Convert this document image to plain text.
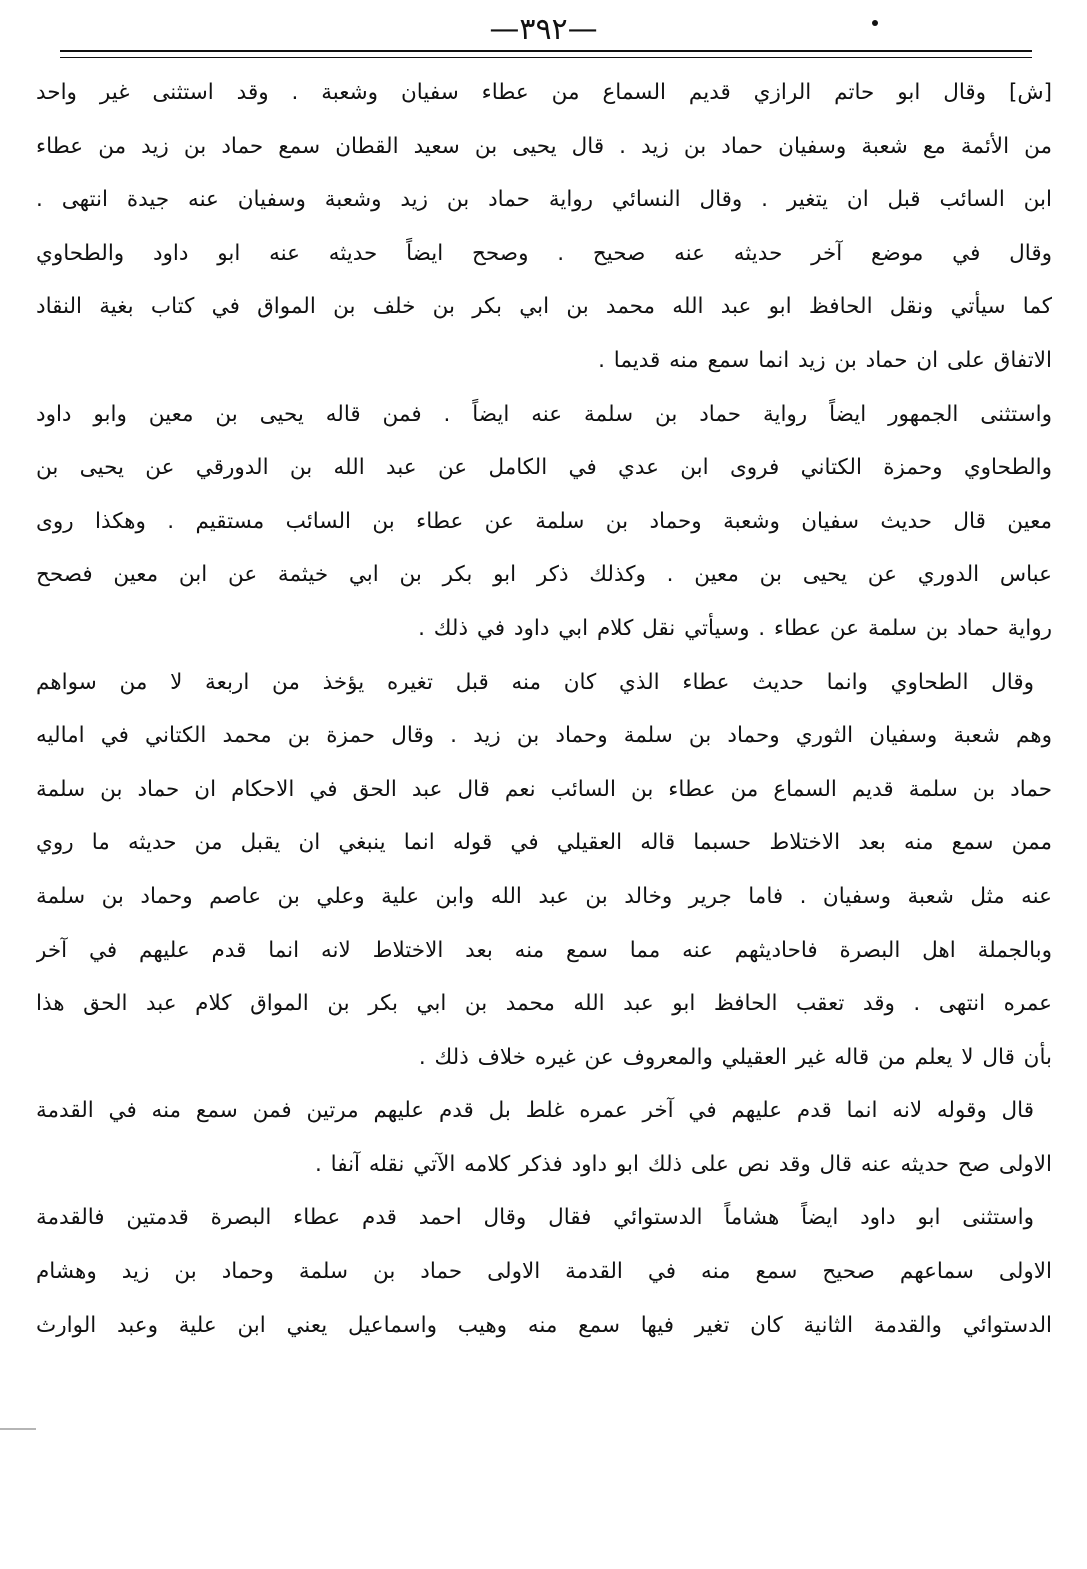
—٣٩٢—
[ش] وقال ابو حاتم الرازي قديم السماع من عطاء سفيان وشعبة . وقد استثنى غير واحد
من الأئمة مع شعبة وسفيان حماد بن زيد . قال يحيى بن سعيد القطان سمع حماد بن زيد من عطاء
ابن السائب قبل ان يتغير . وقال النسائي رواية حماد بن زيد وشعبة وسفيان عنه جيدة انتهى .
وقال في موضع آخر حديثه عنه صحيح . وصحح ايضاً حديثه عنه ابو داود والطحاوي
كما سيأتي ونقل الحافظ ابو عبد الله محمد بن ابي بكر بن خلف بن المواق في كتاب بغية النقاد
الاتفاق على ان حماد بن زيد انما سمع منه قديما .
واستثنى الجمهور ايضاً رواية حماد بن سلمة عنه ايضاً . فمن قاله يحيى بن معين وابو داود
والطحاوي وحمزة الكتاني فروى ابن عدي في الكامل عن عبد الله بن الدورقي عن يحيى بن
معين قال حديث سفيان وشعبة وحماد بن سلمة عن عطاء بن السائب مستقيم . وهكذا روى
عباس الدوري عن يحيى بن معين . وكذلك ذكر ابو بكر بن ابي خيثمة عن ابن معين فصحح
رواية حماد بن سلمة عن عطاء . وسيأتي نقل كلام ابي داود في ذلك .
وقال الطحاوي وانما حديث عطاء الذي كان منه قبل تغيره يؤخذ من اربعة لا من سواهم
وهم شعبة وسفيان الثوري وحماد بن سلمة وحماد بن زيد . وقال حمزة بن محمد الكتاني في اماليه
حماد بن سلمة قديم السماع من عطاء بن السائب نعم قال عبد الحق في الاحكام ان حماد بن سلمة
ممن سمع منه بعد الاختلاط حسبما قاله العقيلي في قوله انما ينبغي ان يقبل من حديثه ما روي
عنه مثل شعبة وسفيان . فاما جرير وخالد بن عبد الله وابن علية وعلي بن عاصم وحماد بن سلمة
وبالجملة اهل البصرة فاحاديثهم عنه مما سمع منه بعد الاختلاط لانه انما قدم عليهم في آخر
عمره انتهى . وقد تعقب الحافظ ابو عبد الله محمد بن ابي بكر بن المواق كلام عبد الحق هذا
بأن قال لا يعلم من قاله غير العقيلي والمعروف عن غيره خلاف ذلك .
قال وقوله لانه انما قدم عليهم في آخر عمره غلط بل قدم عليهم مرتين فمن سمع منه في القدمة
الاولى صح حديثه عنه قال وقد نص على ذلك ابو داود فذكر كلامه الآتي نقله آنفا .
واستثنى ابو داود ايضاً هشاماً الدستوائي فقال وقال احمد قدم عطاء البصرة قدمتين فالقدمة
الاولى سماعهم صحيح سمع منه في القدمة الاولى حماد بن سلمة وحماد بن زيد وهشام
الدستوائي والقدمة الثانية كان تغير فيها سمع منه وهيب واسماعيل يعني ابن علية وعبد الوارث
